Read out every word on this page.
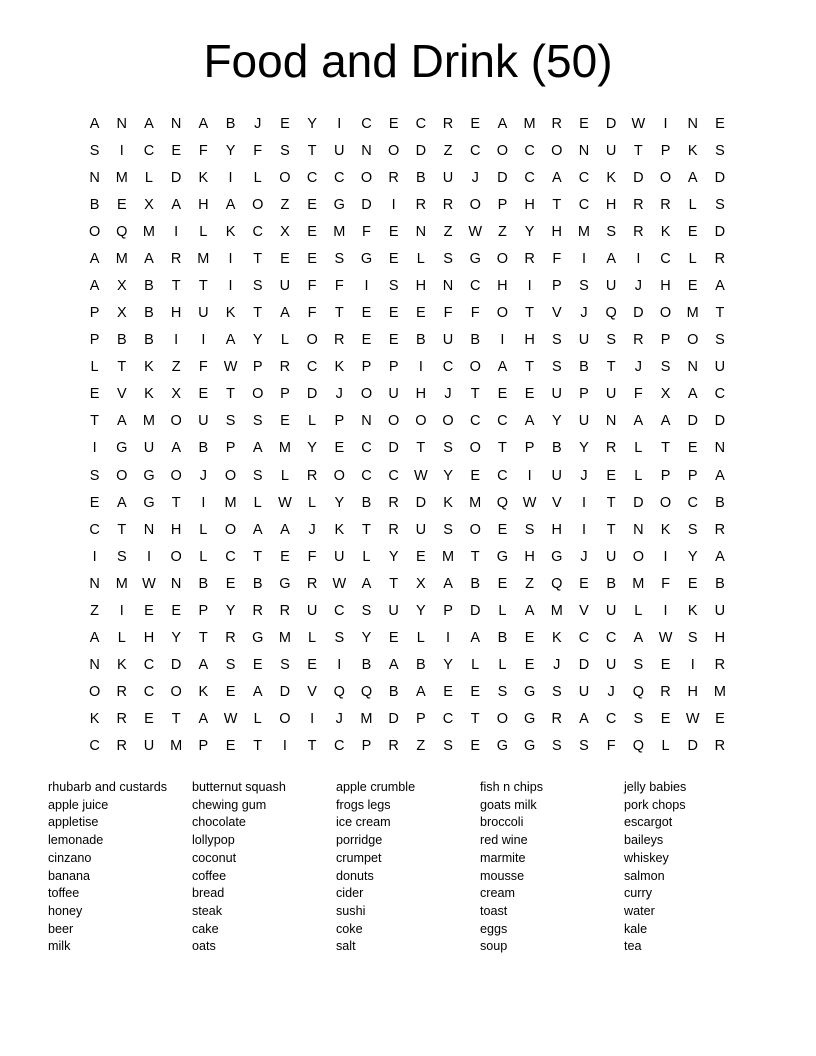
Food and Drink (50)
A	N	A	N	A	B	J	E	Y	I	C	E	C	R	E	A	M	R	E	D	W	I	N	E
S	I	C	E	F	Y	F	S	T	U	N	O	D	Z	C	O	C	O	N	U	T	P	K	S
N	M	L	D	K	I	L	O	C	C	O	R	B	U	J	D	C	A	C	K	D	O	A	D
B	E	X	A	H	A	O	Z	E	G	D	I	R	R	O	P	H	T	C	H	R	R	L	S
O	Q	M	I	L	K	C	X	E	M	F	E	N	Z	W	Z	Y	H	M	S	R	K	E	D
A	M	A	R	M	I	T	E	E	S	G	E	L	S	G	O	R	F	I	A	I	C	L	R
A	X	B	T	T	I	S	U	F	F	I	S	H	N	C	H	I	P	S	U	J	H	E	A
P	X	B	H	U	K	T	A	F	T	E	E	E	F	F	O	T	V	J	Q	D	O	M	T
P	B	B	I	I	A	Y	L	O	R	E	E	B	U	B	I	H	S	U	S	R	P	O	S
L	T	K	Z	F	W	P	R	C	K	P	P	I	C	O	A	T	S	B	T	J	S	N	U
E	V	K	X	E	T	O	P	D	J	O	U	H	J	T	E	E	U	P	U	F	X	A	C
T	A	M	O	U	S	S	E	L	P	N	O	O	O	C	C	A	Y	U	N	A	A	D	D
I	G	U	A	B	P	A	M	Y	E	C	D	T	S	O	T	P	B	Y	R	L	T	E	N
S	O	G	O	J	O	S	L	R	O	C	C	W	Y	E	C	I	U	J	E	L	P	P	A
E	A	G	T	I	M	L	W	L	Y	B	R	D	K	M	Q	W	V	I	T	D	O	C	B
C	T	N	H	L	O	A	A	J	K	T	R	U	S	O	E	S	H	I	T	N	K	S	R
I	S	I	O	L	C	T	E	F	U	L	Y	E	M	T	G	H	G	J	U	O	I	Y	A
N	M W	N	B	E	B	G	R	W	A	T	X	A	B	E	Z	Q	E	B	M	F	E	B
Z	I	E	E	P	Y	R	R	U	C	S	U	Y	P	D	L	A	M	V	U	L	I	K	U
A	L	H	Y	T	R	G	M	L	S	Y	E	L	I	A	B	E	K	C	C	A	W	S	H
N	K	C	D	A	S	E	S	E	I	B	A	B	Y	L	L	E	J	D	U	S	E	I	R
O	R	C	O	K	E	A	D	V	Q	Q	B	A	E	E	S	G	S	U	J	Q	R	H	M
K	R	E	T	A	W	L	O	I	J	M	D	P	C	T	O	G	R	A	C	S	E	W	E
C	R	U	M	P	E	T	I	T	C	P	R	Z	S	E	G	G	S	S	F	Q	L	D	R
rhubarb and custards
apple juice
appletise
lemonade
cinzano
banana
toffee
honey
beer
milk
butternut squash
chewing gum
chocolate
lollypop
coconut
coffee
bread
steak
cake
oats
apple crumble
frogs legs
ice cream
porridge
crumpet
donuts
cider
sushi
coke
salt
fish n chips
goats milk
broccoli
red wine
marmite
mousse
cream
toast
eggs
soup
jelly babies
pork chops
escargot
baileys
whiskey
salmon
curry
water
kale
tea
